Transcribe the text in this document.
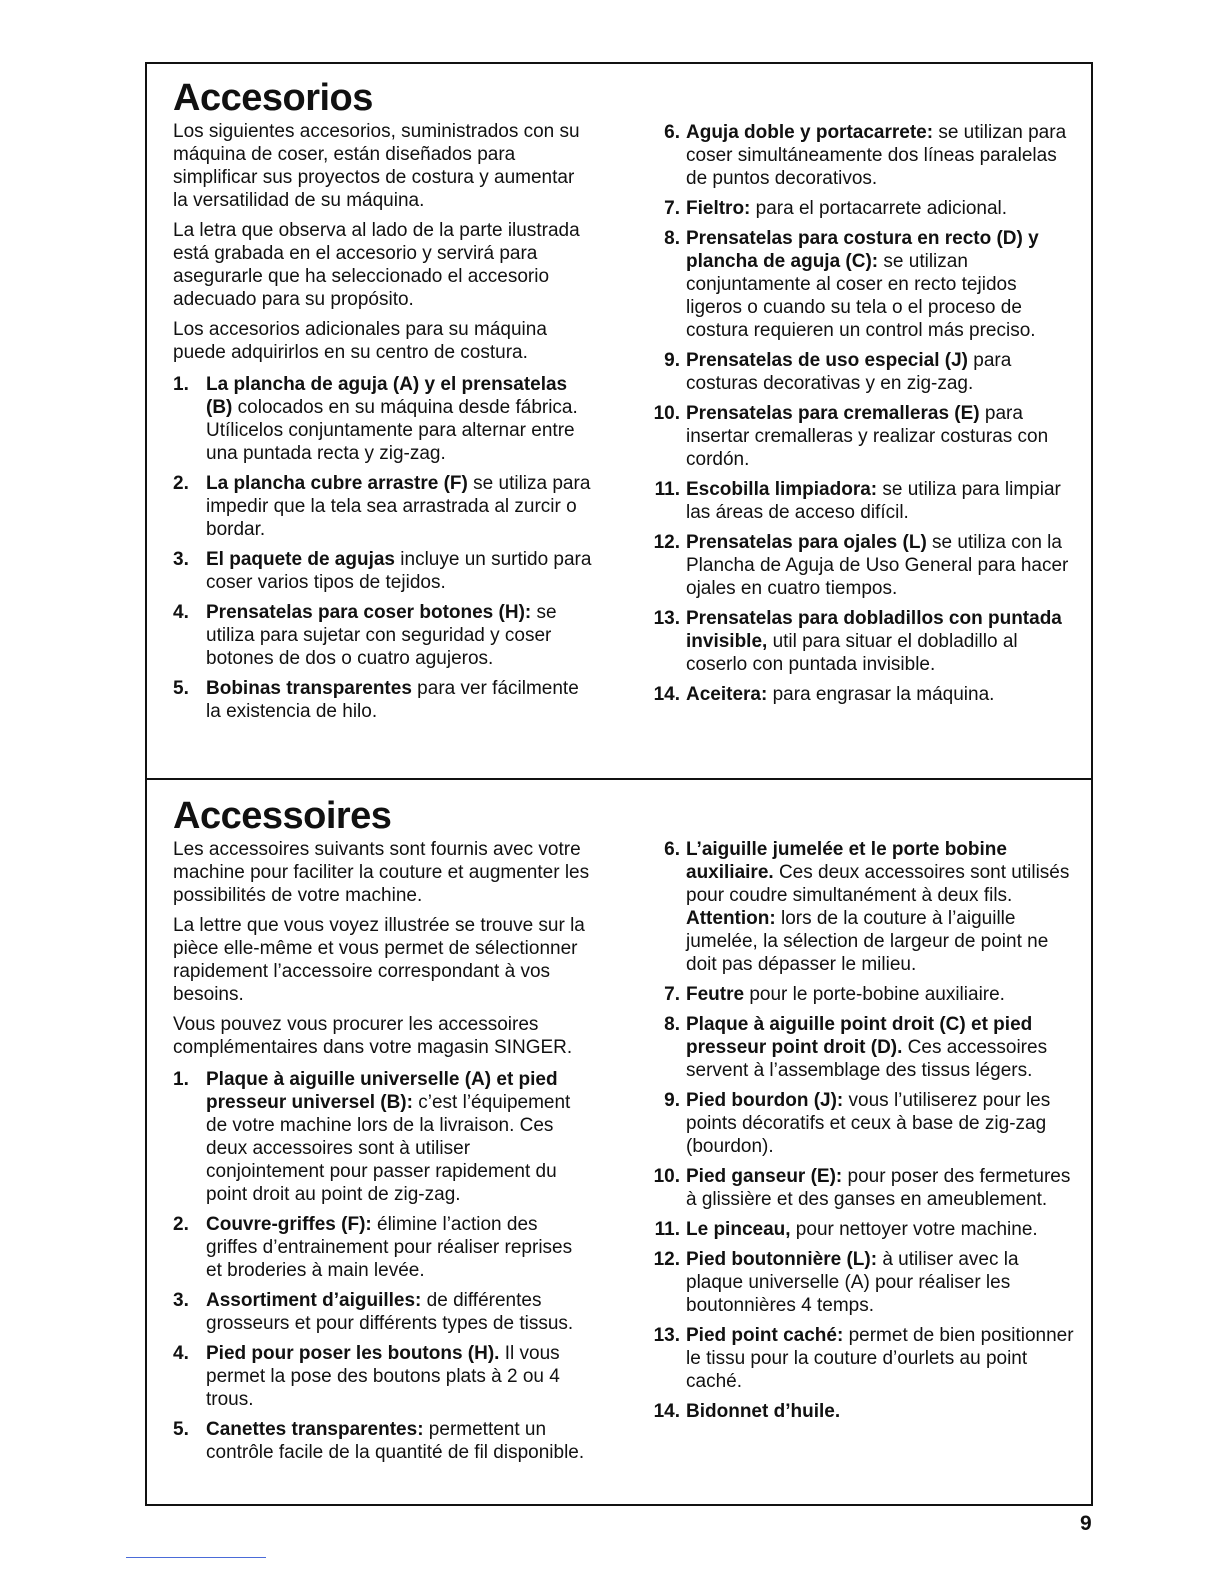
Accesorios

Los siguientes accesorios, suministrados con su máquina de coser, están diseñados para simplificar sus proyectos de costura y aumentar la versatilidad de su máquina.

La letra que observa al lado de la parte ilustrada está grabada en el accesorio y servirá para asegurarle que ha seleccionado el accesorio adecuado para su propósito.

Los accesorios adicionales para su máquina puede adquirirlos en su centro de costura.

1. La plancha de aguja (A) y el prensatelas (B) colocados en su máquina desde fábrica. Utílicelos conjuntamente para alternar entre una puntada recta y zig-zag.
2. La plancha cubre arrastre (F) se utiliza para impedir que la tela sea arrastrada al zurcir o bordar.
3. El paquete de agujas incluye un surtido para coser varios tipos de tejidos.
4. Prensatelas para coser botones (H): se utiliza para sujetar con seguridad y coser botones de dos o cuatro agujeros.
5. Bobinas transparentes para ver fácilmente la existencia de hilo.
6. Aguja doble y portacarrete: se utilizan para coser simultáneamente dos líneas paralelas de puntos decorativos.
7. Fieltro: para el portacarrete adicional.
8. Prensatelas para costura en recto (D) y plancha de aguja (C): se utilizan conjuntamente al coser en recto tejidos ligeros o cuando su tela o el proceso de costura requieren un control más preciso.
9. Prensatelas de uso especial (J) para costuras decorativas y en zig-zag.
10. Prensatelas para cremalleras (E) para insertar cremalleras y realizar costuras con cordón.
11. Escobilla limpiadora: se utiliza para limpiar las áreas de acceso difícil.
12. Prensatelas para ojales (L) se utiliza con la Plancha de Aguja de Uso General para hacer ojales en cuatro tiempos.
13. Prensatelas para dobladillos con puntada invisible, util para situar el dobladillo al coserlo con puntada invisible.
14. Aceitera: para engrasar la máquina.
Accessoires

Les accessoires suivants sont fournis avec votre machine pour faciliter la couture et augmenter les possibilités de votre machine.

La lettre que vous voyez illustrée se trouve sur la pièce elle-même et vous permet de sélectionner rapidement l’accessoire correspondant à vos besoins.

Vous pouvez vous procurer les accessoires complémentaires dans votre magasin SINGER.

1. Plaque à aiguille universelle (A) et pied presseur universel (B): c’est l’équipement de votre machine lors de la livraison. Ces deux accessoires sont à utiliser conjointement pour passer rapidement du point droit au point de zig-zag.
2. Couvre-griffes (F): élimine l’action des griffes d’entrainement pour réaliser reprises et broderies à main levée.
3. Assortiment d’aiguilles: de différentes grosseurs et pour différents types de tissus.
4. Pied pour poser les boutons (H). Il vous permet la pose des boutons plats à 2 ou 4 trous.
5. Canettes transparentes: permettent un contrôle facile de la quantité de fil disponible.
6. L’aiguille jumelée et le porte bobine auxiliaire. Ces deux accessoires sont utilisés pour coudre simultanément à deux fils.
Attention: lors de la couture à l’aiguille jumelée, la sélection de largeur de point ne doit pas dépasser le milieu.
7. Feutre pour le porte-bobine auxiliaire.
8. Plaque à aiguille point droit (C) et pied presseur point droit (D). Ces accessoires servent à l’assemblage des tissus légers.
9. Pied bourdon (J): vous l’utiliserez pour les points décoratifs et ceux à base de zig-zag (bourdon).
10. Pied ganseur (E): pour poser des fermetures à glissière et des ganses en ameublement.
11. Le pinceau, pour nettoyer votre machine.
12. Pied boutonnière (L): à utiliser avec la plaque universelle (A) pour réaliser les boutonnières 4 temps.
13. Pied point caché: permet de bien positionner le tissu pour la couture d’ourlets au point caché.
14. Bidonnet d’huile.
9
